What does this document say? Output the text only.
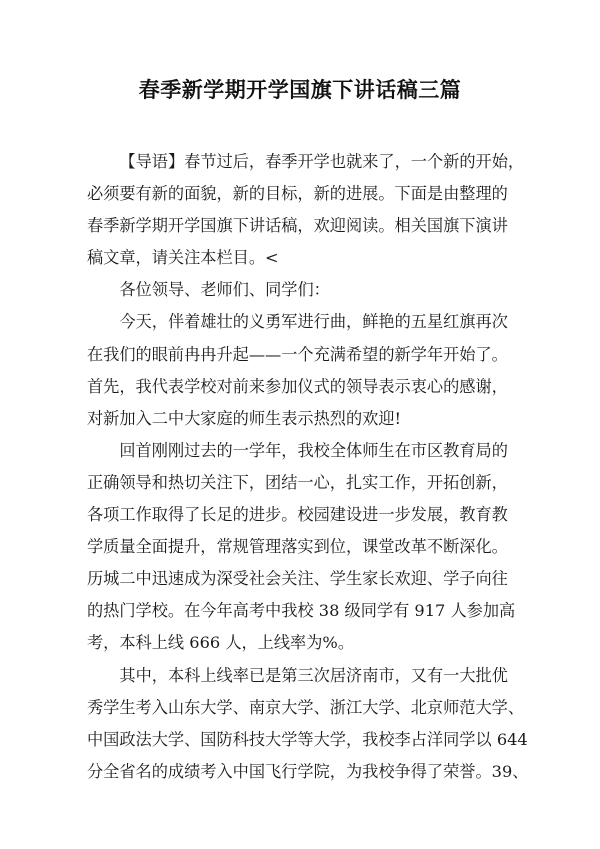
春季新学期开学国旗下讲话稿三篇
【导语】春节过后，春季开学也就来了，一个新的开始，
必须要有新的面貌，新的目标，新的进展。下面是由整理的
春季新学期开学国旗下讲话稿，欢迎阅读。相关国旗下演讲
稿文章，请关注本栏目。<
各位领导、老师们、同学们：
今天，伴着雄壮的义勇军进行曲，鲜艳的五星红旗再次
在我们的眼前冉冉升起——一个充满希望的新学年开始了。
首先，我代表学校对前来参加仪式的领导表示衷心的感谢，
对新加入二中大家庭的师生表示热烈的欢迎!
回首刚刚过去的一学年，我校全体师生在市区教育局的
正确领导和热切关注下，团结一心，扎实工作，开拓创新，
各项工作取得了长足的进步。校园建设进一步发展，教育教
学质量全面提升，常规管理落实到位，课堂改革不断深化。
历城二中迅速成为深受社会关注、学生家长欢迎、学子向往
的热门学校。在今年高考中我校 38 级同学有 917 人参加高
考，本科上线 666 人，上线率为%。
其中，本科上线率已是第三次居济南市，又有一大批优
秀学生考入山东大学、南京大学、浙江大学、北京师范大学、
中国政法大学、国防科技大学等大学，我校李占洋同学以 644
分全省名的成绩考入中国飞行学院，为我校争得了荣誉。39、
